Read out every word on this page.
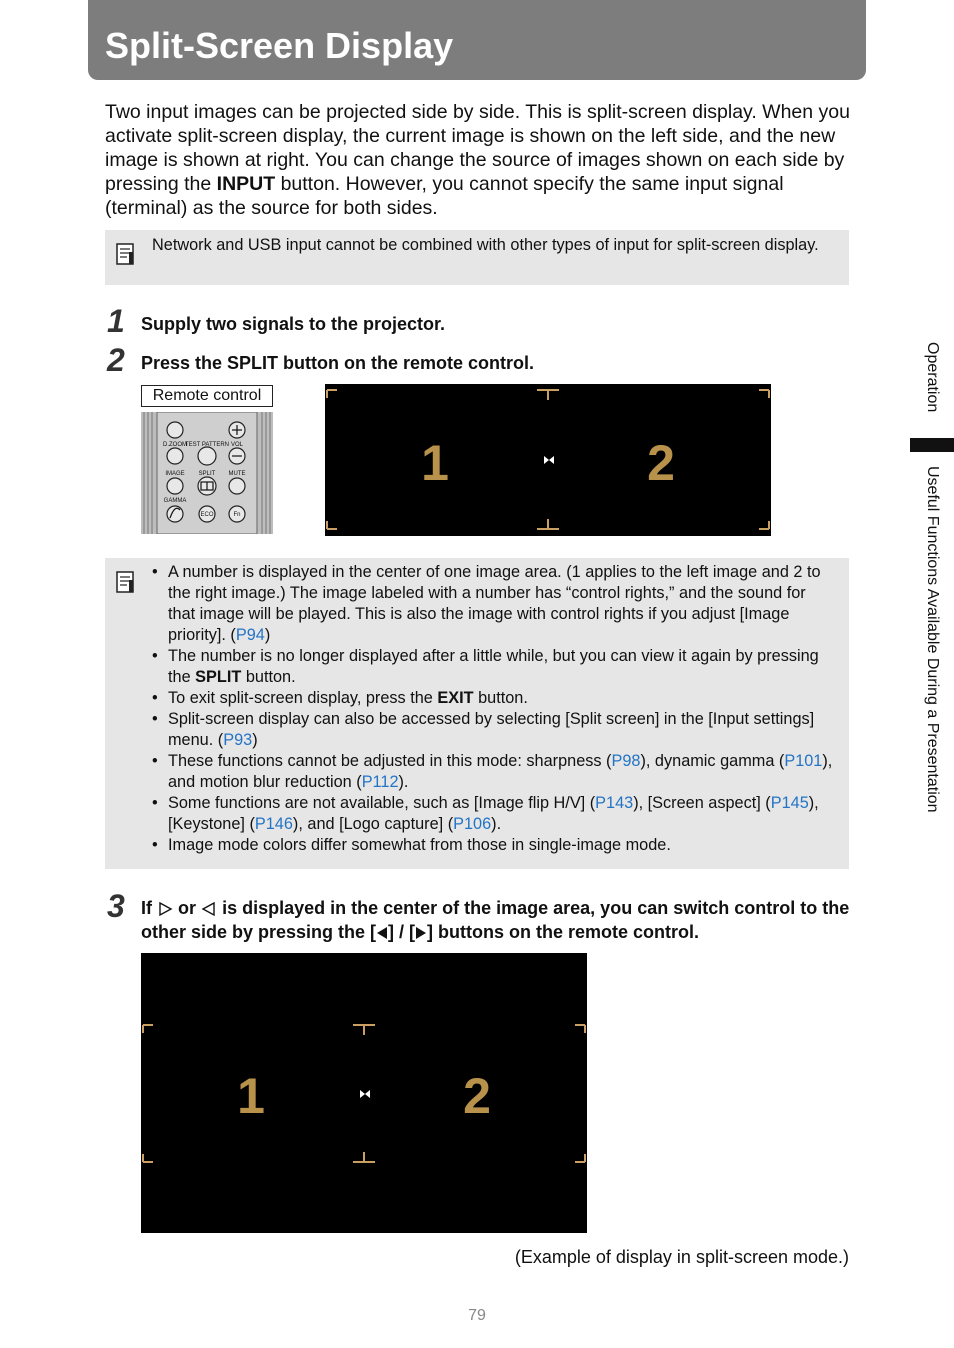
Split-Screen Display

Two input images can be projected side by side. This is split-screen display. When you activate split-screen display, the current image is shown on the left side, and the new image is shown at right. You can change the source of images shown on each side by pressing the INPUT button. However, you cannot specify the same input signal (terminal) as the source for both sides.

Network and USB input cannot be combined with other types of input for split-screen display.
1 Supply two signals to the projector.
2 Press the SPLIT button on the remote control.
Remote control
D.ZOOM
TEST PATTERN VOL
IMAGE SPLIT MUTE
GAMMA
ECO	Fn
1	2
• A number is displayed in the center of one image area. (1 applies to the left image and 2 to the right image.) The image labeled with a number has “control rights,” and the sound for that image will be played. This is also the image with control rights if you adjust [Image priority]. (P94)
• The number is no longer displayed after a little while, but you can view it again by pressing the SPLIT button.
• To exit split-screen display, press the EXIT button.
• Split-screen display can also be accessed by selecting [Split screen] in the [Input settings] menu. (P93)
• These functions cannot be adjusted in this mode: sharpness (P98), dynamic gamma (P101), and motion blur reduction (P112).
• Some functions are not available, such as [Image flip H/V] (P143), [Screen aspect] (P145), [Keystone] (P146), and [Logo capture] (P106).
• Image mode colors differ somewhat from those in single-image mode.
3 If or is displayed in the center of the image area, you can switch control to the other side by pressing the [ ] / [ ] buttons on the remote control.
1	2
(Example of display in split-screen mode.)
79
Operation
Useful Functions Available During a Presentation
